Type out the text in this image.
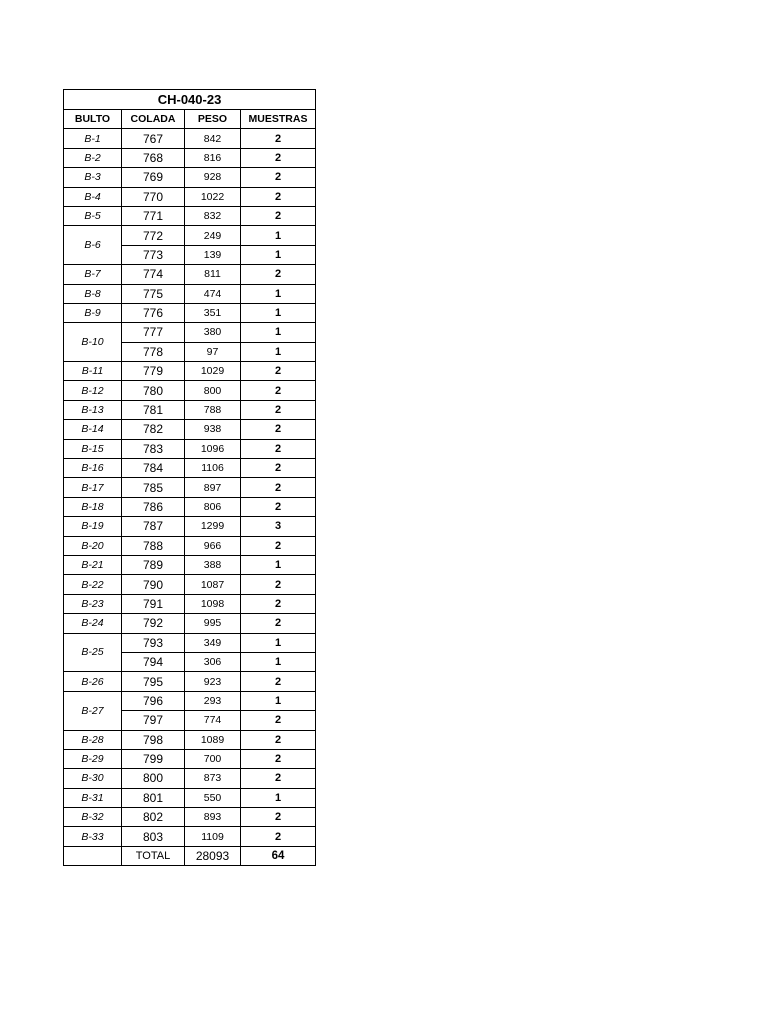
CH-040-23			
BULTO	COLADA	PESO	MUESTRAS
B-1	767	842	2
B-2	768	816	2
B-3	769	928	2
B-4	770	1022	2
B-5	771	832	2
B-6	772	249	1
	773	139	1
B-7	774	811	2
B-8	775	474	1
B-9	776	351	1
B-10	777	380	1
	778	97	1
B-11	779	1029	2
B-12	780	800	2
B-13	781	788	2
B-14	782	938	2
B-15	783	1096	2
B-16	784	1106	2
B-17	785	897	2
B-18	786	806	2
B-19	787	1299	3
B-20	788	966	2
B-21	789	388	1
B-22	790	1087	2
B-23	791	1098	2
B-24	792	995	2
B-25	793	349	1
	794	306	1
B-26	795	923	2
B-27	796	293	1
	797	774	2
B-28	798	1089	2
B-29	799	700	2
B-30	800	873	2
B-31	801	550	1
B-32	802	893	2
B-33	803	1109	2
	TOTAL	28093	64
